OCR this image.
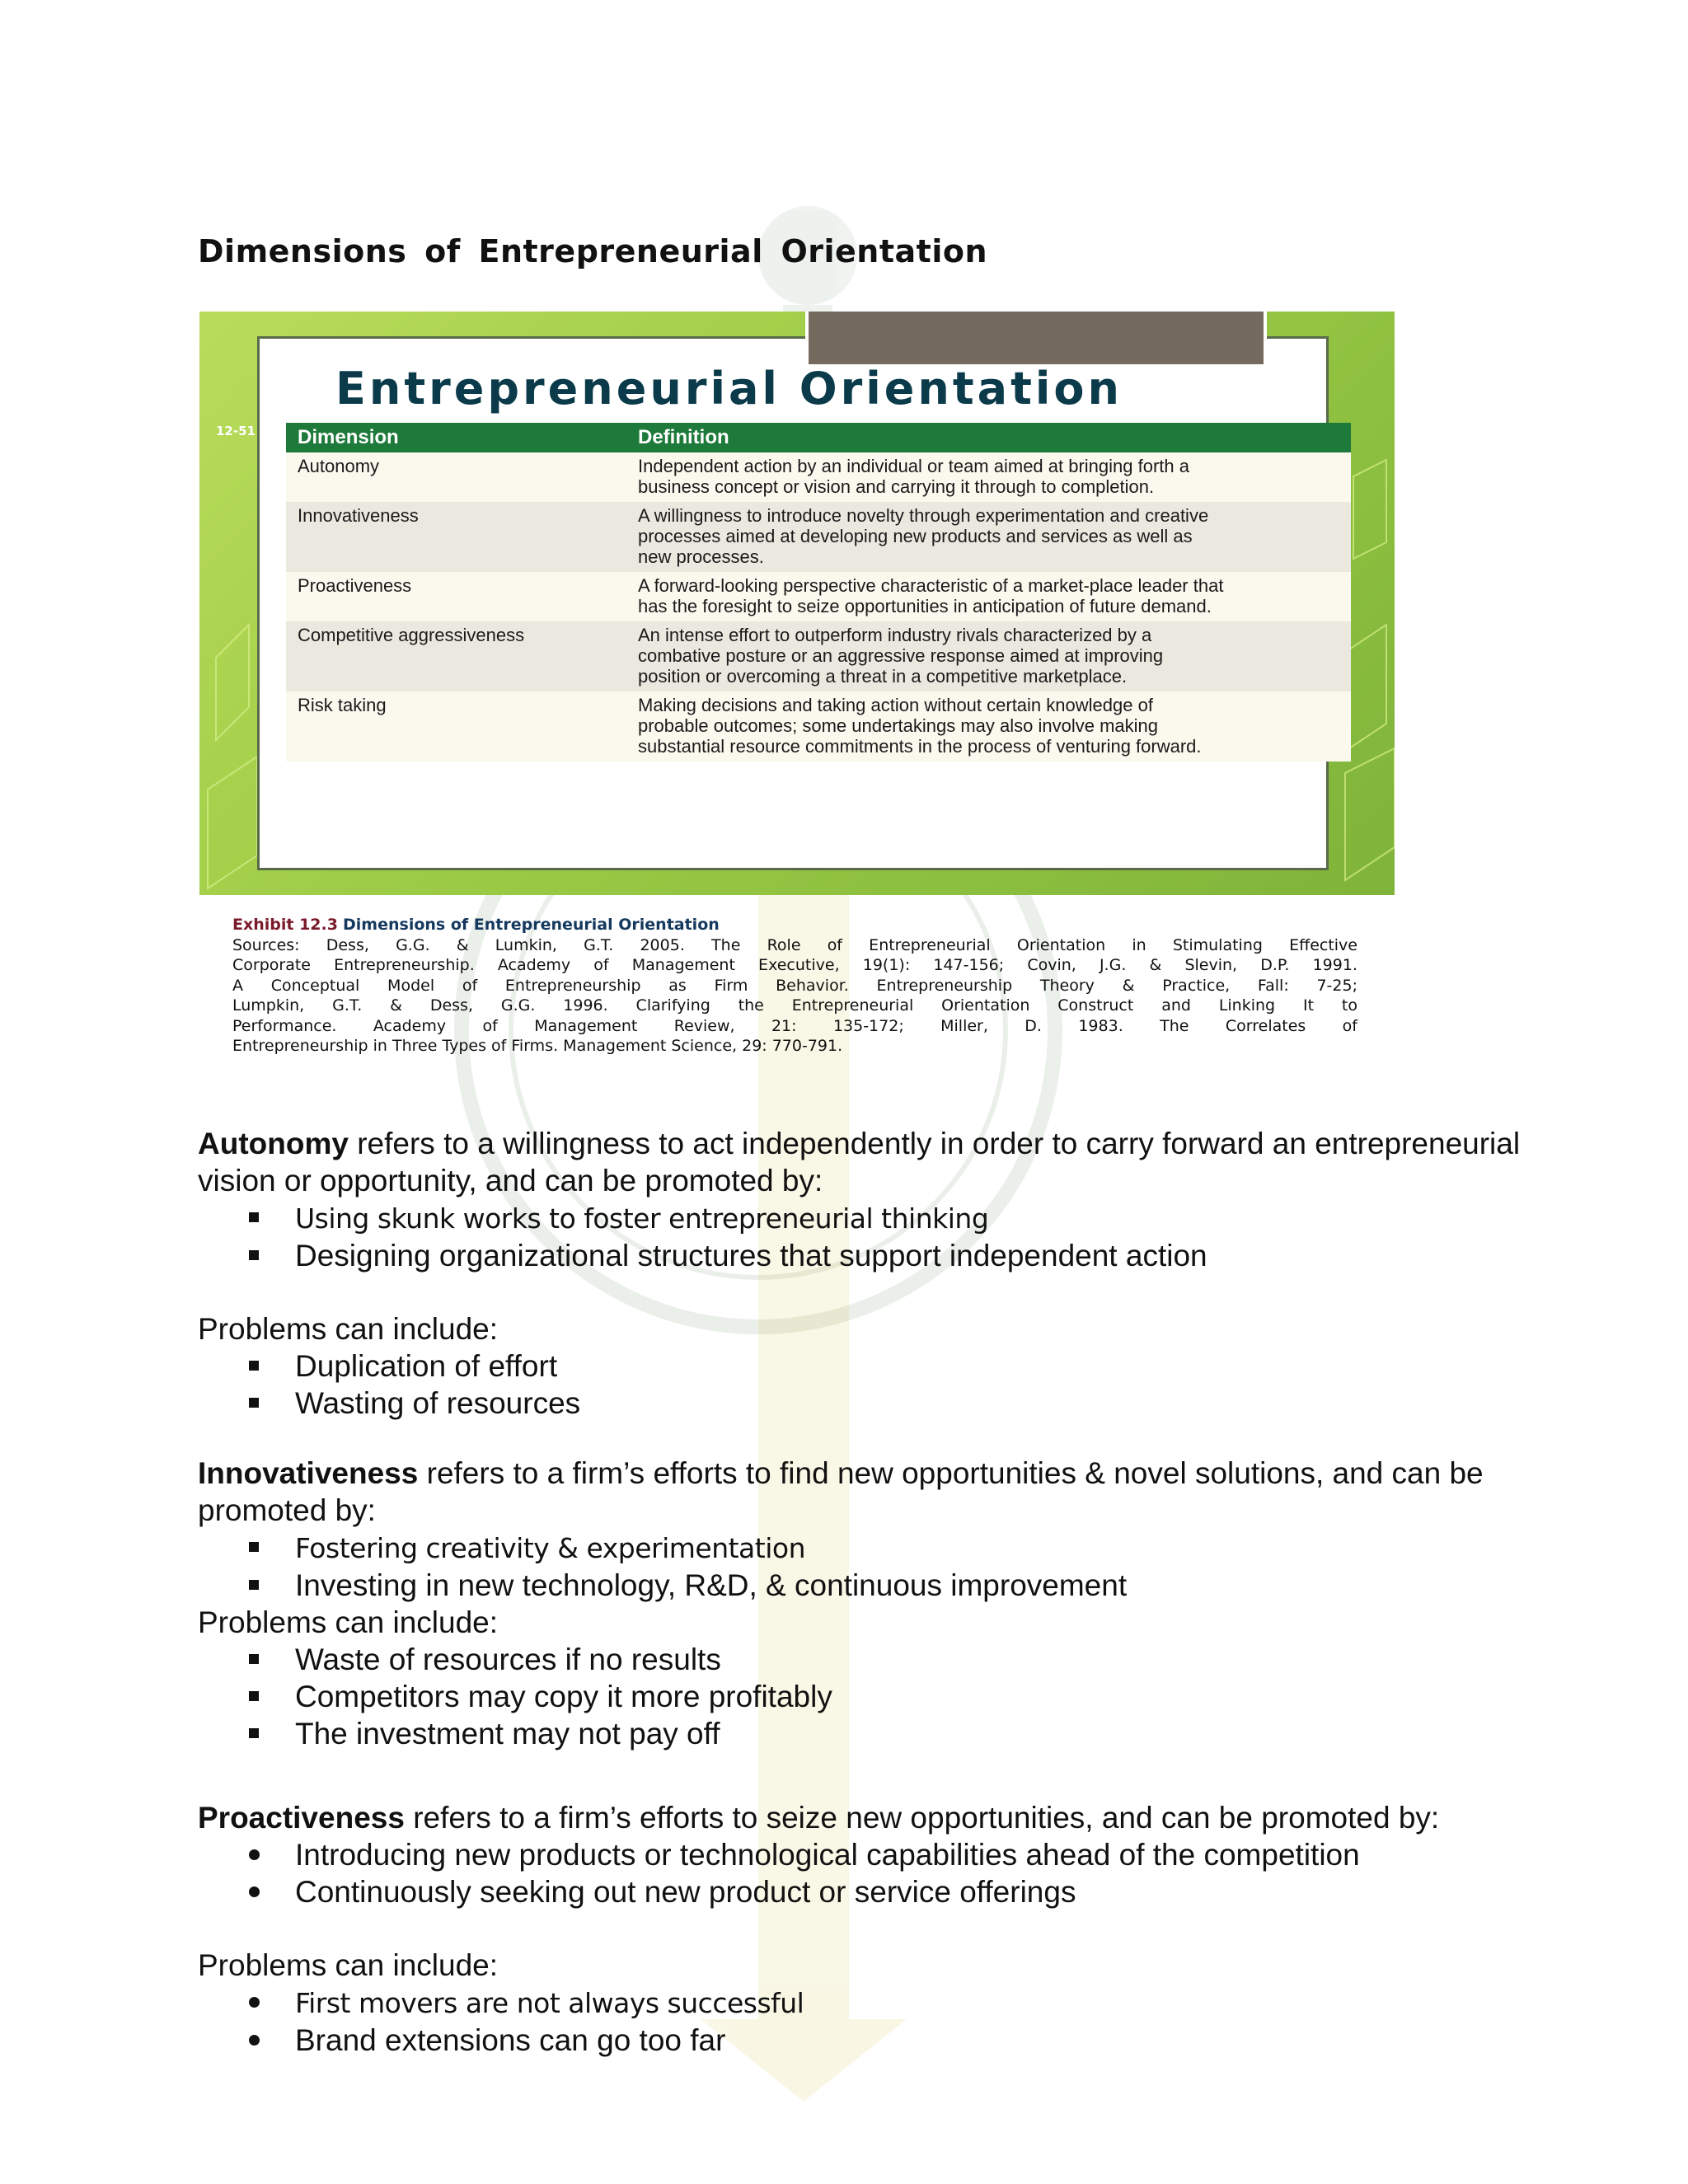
Dimensions of Entrepreneurial Orientation
Entrepreneurial Orientation
12-51 Dimension	Definition
Autonomy	Independent action by an individual or team aimed at bringing forth a
business concept or vision and carrying it through to completion.

Innovativeness	A willingness to introduce novelty through experimentation and creative
processes aimed at developing new products and services as well as
new processes.

Proactiveness	A forward-looking perspective characteristic of a market-place leader that
has the foresight to seize opportunities in anticipation of future demand.

Competitive aggressiveness	An intense effort to outperform industry rivals characterized by a
combative posture or an aggressive response aimed at improving
position or overcoming a threat in a competitive marketplace.

Risk taking	Making decisions and taking action without certain knowledge of
probable outcomes; some undertakings may also involve making
substantial resource commitments in the process of venturing forward.
Exhibit 12.3 Dimensions of Entrepreneurial Orientation
Sources: Dess, G.G. & Lumkin, G.T. 2005. The Role of Entrepreneurial Orientation in Stimulating Effective
Corporate Entrepreneurship. Academy of Management Executive, 19(1): 147-156; Covin, J.G. & Slevin, D.P. 1991.
A Conceptual Model of Entrepreneurship as Firm Behavior. Entrepreneurship Theory & Practice, Fall: 7-25;
Lumpkin, G.T. & Dess, G.G. 1996. Clarifying the Entrepreneurial Orientation Construct and Linking It to
Performance. Academy of Management Review, 21: 135-172; Miller, D. 1983. The Correlates of
Entrepreneurship in Three Types of Firms. Management Science, 29: 770-791.
Autonomy refers to a willingness to act independently in order to carry forward an entrepreneurial vision or opportunity, and can be promoted by:
Using skunk works to foster entrepreneurial thinking
Designing organizational structures that support independent action
Problems can include:
Duplication of effort
Wasting of resources
Innovativeness refers to a firm’s efforts to find new opportunities & novel solutions, and can be promoted by:
Fostering creativity & experimentation
Investing in new technology, R&D, & continuous improvement
Problems can include:
Waste of resources if no results
Competitors may copy it more profitably
The investment may not pay off
Proactiveness refers to a firm’s efforts to seize new opportunities, and can be promoted by:
Introducing new products or technological capabilities ahead of the competition
Continuously seeking out new product or service offerings
Problems can include:
First movers are not always successful
Brand extensions can go too far
